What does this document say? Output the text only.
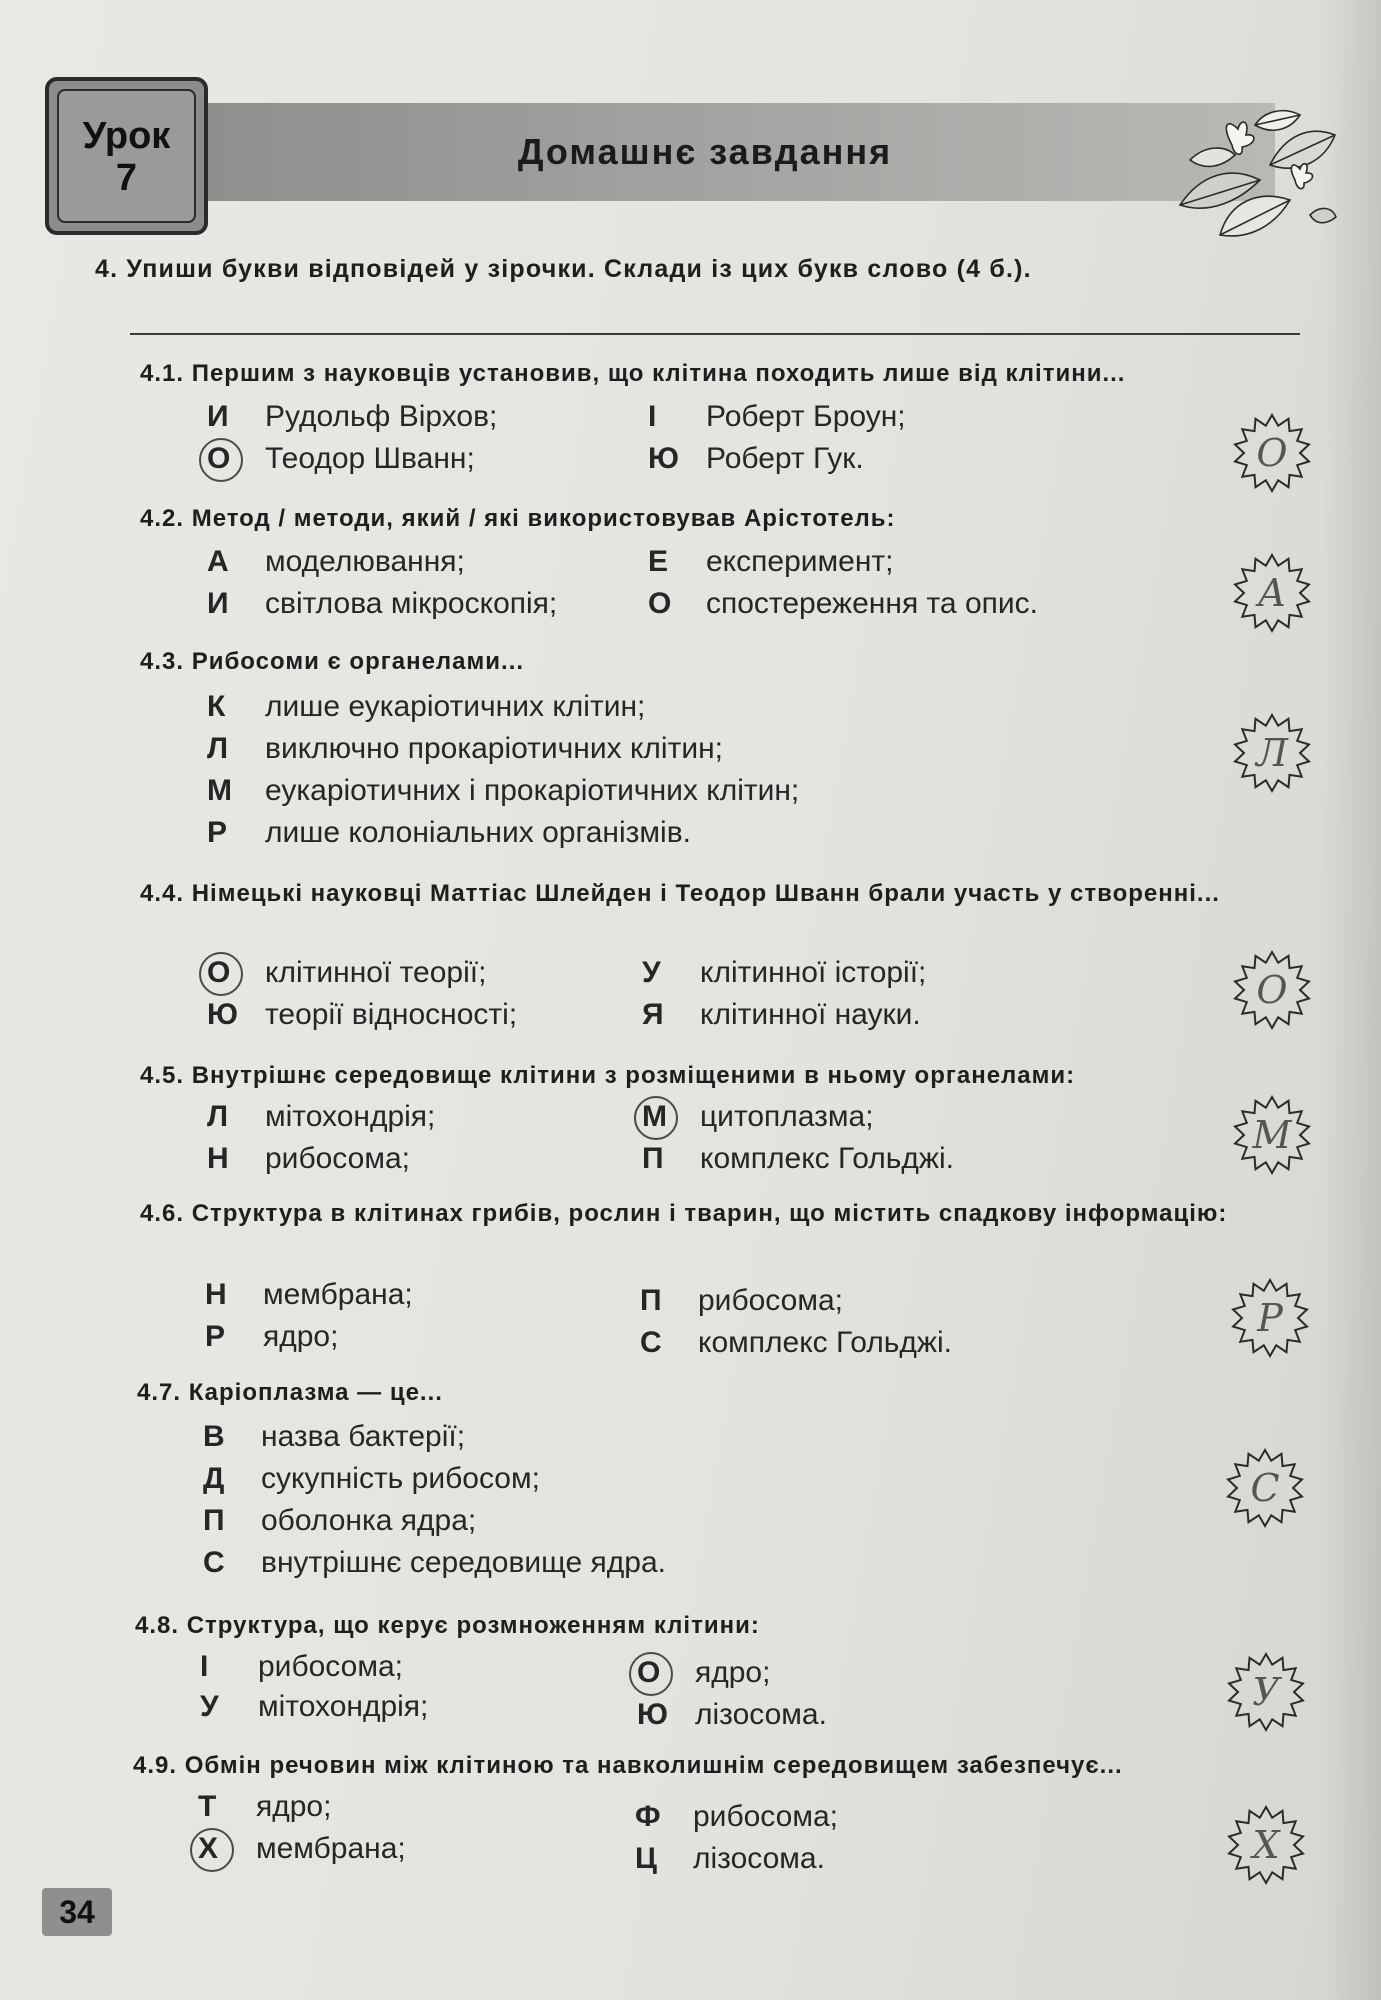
Урок
7
Домашнє завдання
4. Упиши букви відповідей у зірочки. Склади із цих букв слово (4 б.).
4.1. Першим з науковців установив, що клітина походить лише від клітини...
И Рудольф Вірхов;	І Роберт Броун;
О Теодор Шванн;	Ю Роберт Гук.	О
4.2. Метод / методи, який / які використовував Арістотель:
А моделювання;	Е експеримент;
И світлова мікроскопія;	О спостереження та опис.	А
4.3. Рибосоми є органелами...
К лише еукаріотичних клітин;
Л виключно прокаріотичних клітин;
М еукаріотичних і прокаріотичних клітин;
Р лише колоніальних організмів.
Л
4.4. Німецькі науковці Маттіас Шлейден і Теодор Шванн брали участь у створенні...
О клітинної теорії;	У клітинної історії;
Ю теорії відносності;	Я клітинної науки.
О
4.5. Внутрішнє середовище клітини з розміщеними в ньому органелами:
Л мітохондрія;	М цитоплазма;
Н рибосома;	П комплекс Гольджі.
М
4.6. Структура в клітинах грибів, рослин і тварин, що містить спадкову інформацію:
Н мембрана;	П рибосома;
Р ядро;	С комплекс Гольджі.
Р
4.7. Каріоплазма — це...
В назва бактерії;
Д сукупність рибосом;
П оболонка ядра;
С внутрішнє середовище ядра.
С
4.8. Структура, що керує розмноженням клітини:
І рибосома;	О ядро;
У мітохондрія;	Ю лізосома.
У
4.9. Обмін речовин між клітиною та навколишнім середовищем забезпечує...
Т ядро;	Ф рибосома;
Х мембрана;	Ц лізосома.	Х
34
